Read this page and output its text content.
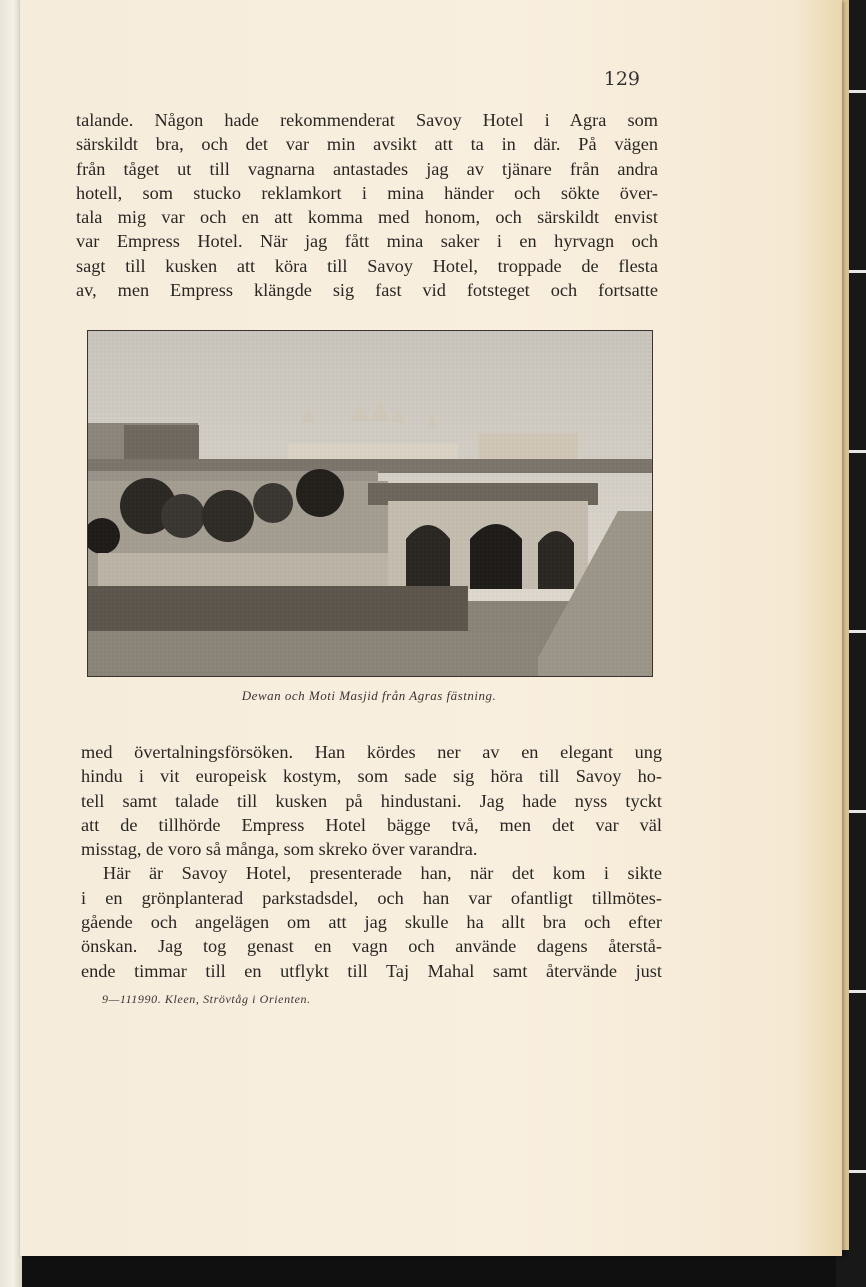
129
talande. Någon hade rekommenderat Savoy Hotel i Agra som
särskildt bra, och det var min avsikt att ta in där. På vägen
från tåget ut till vagnarna antastades jag av tjänare från andra
hotell, som stucko reklamkort i mina händer och sökte över-
tala mig var och en att komma med honom, och särskildt envist
var Empress Hotel. När jag fått mina saker i en hyrvagn och
sagt till kusken att köra till Savoy Hotel, troppade de flesta
av, men Empress klängde sig fast vid fotsteget och fortsatte
Dewan och Moti Masjid från Agras fästning.
med övertalningsförsöken. Han kördes ner av en elegant ung
hindu i vit europeisk kostym, som sade sig höra till Savoy ho-
tell samt talade till kusken på hindustani. Jag hade nyss tyckt
att de tillhörde Empress Hotel bägge två, men det var väl
misstag, de voro så många, som skreko över varandra.
Här är Savoy Hotel, presenterade han, när det kom i sikte
i en grönplanterad parkstadsdel, och han var ofantligt tillmötes-
gående och angelägen om att jag skulle ha allt bra och efter
önskan. Jag tog genast en vagn och använde dagens återstå-
ende timmar till en utflykt till Taj Mahal samt återvände just
9—111990. Kleen, Strövtåg i Orienten.
